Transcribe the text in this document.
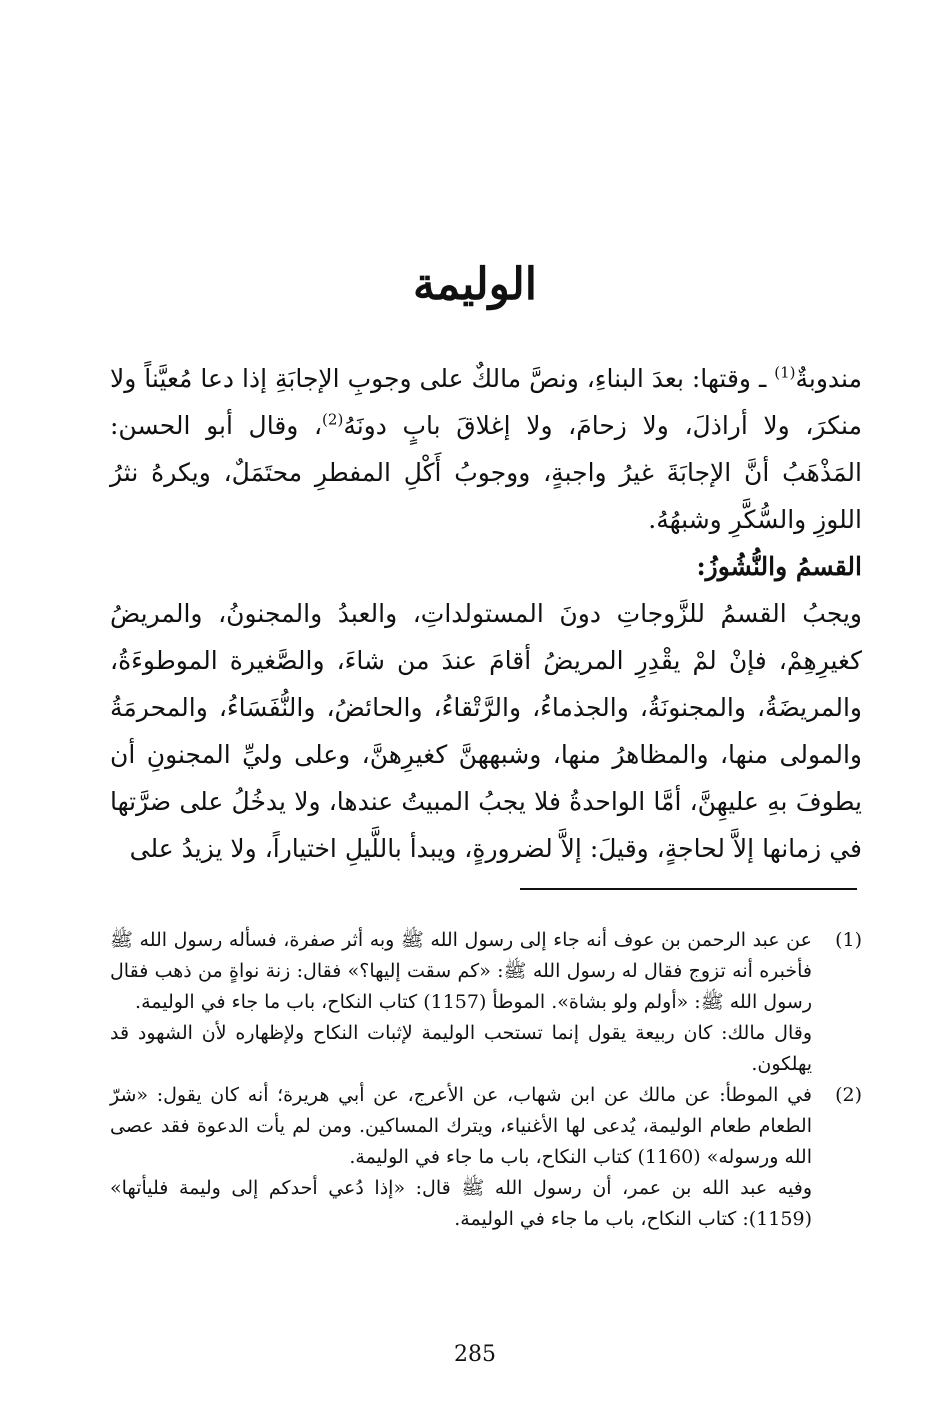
الوليمة

مندوبةٌ$^{(1)}$ ـ وقتها: بعدَ البناءِ، ونصَّ مالكٌ على وجوبِ الإجابَةِ إذا دعا مُعيَّناً ولا منكرَ، ولا أراذلَ، ولا زحامَ، ولا إغلاقَ بابٍ دونَهُ$^{(2)}$، وقال أبو الحسن: المَذْهَبُ أنَّ الإجابَةَ غيرُ واجبةٍ، ووجوبُ أَكْلِ المفطرِ محتَمَلٌ، ويكرهُ نثرُ اللوزِ والسُّكَّرِ وشبهُهُ.

القسمُ والنُّشُوزُ:

ويجبُ القسمُ للزَّوجاتِ دونَ المستولداتِ، والعبدُ والمجنونُ، والمريضُ كغيرِهِمْ، فإنْ لمْ يقْدِرِ المريضُ أقامَ عندَ من شاءَ، والصَّغيرة الموطوءَةُ، والمريضَةُ، والمجنونَةُ، والجذماءُ، والرَّتْقاءُ، والحائضُ، والنُّفَسَاءُ، والمحرمَةُ والمولى منها، والمظاهرُ منها، وشبههنَّ كغيرِهنَّ، وعلى وليِّ المجنونِ أن يطوفَ بهِ عليهِنَّ، أمَّا الواحدةُ فلا يجبُ المبيتُ عندها، ولا يدخُلُ على ضرَّتها في زمانها إلاَّ لحاجةٍ، وقيلَ: إلاَّ لضرورةٍ، ويبدأ باللَّيلِ اختياراً، ولا يزيدُ على

(1)

عن عبد الرحمن بن عوف أنه جاء إلى رسول الله ﷺ وبه أثر صفرة، فسأله رسول الله ﷺ فأخبره أنه تزوج فقال له رسول الله ﷺ: «كم سقت إليها؟» فقال: زنة نواةٍ من ذهب فقال رسول الله ﷺ: «أولم ولو بشاة». الموطأ (1157) كتاب النكاح، باب ما جاء في الوليمة.

وقال مالك: كان ربيعة يقول إنما تستحب الوليمة لإثبات النكاح ولإظهاره لأن الشهود قد يهلكون.

(2)

في الموطأ: عن مالك عن ابن شهاب، عن الأعرج، عن أبي هريرة؛ أنه كان يقول: «شرّ الطعام طعام الوليمة، يُدعى لها الأغنياء، ويترك المساكين. ومن لم يأت الدعوة فقد عصى الله ورسوله» (1160) كتاب النكاح، باب ما جاء في الوليمة.

وفيه عبد الله بن عمر، أن رسول الله ﷺ قال: «إذا دُعي أحدكم إلى وليمة فليأتها» (1159): كتاب النكاح، باب ما جاء في الوليمة.

285
